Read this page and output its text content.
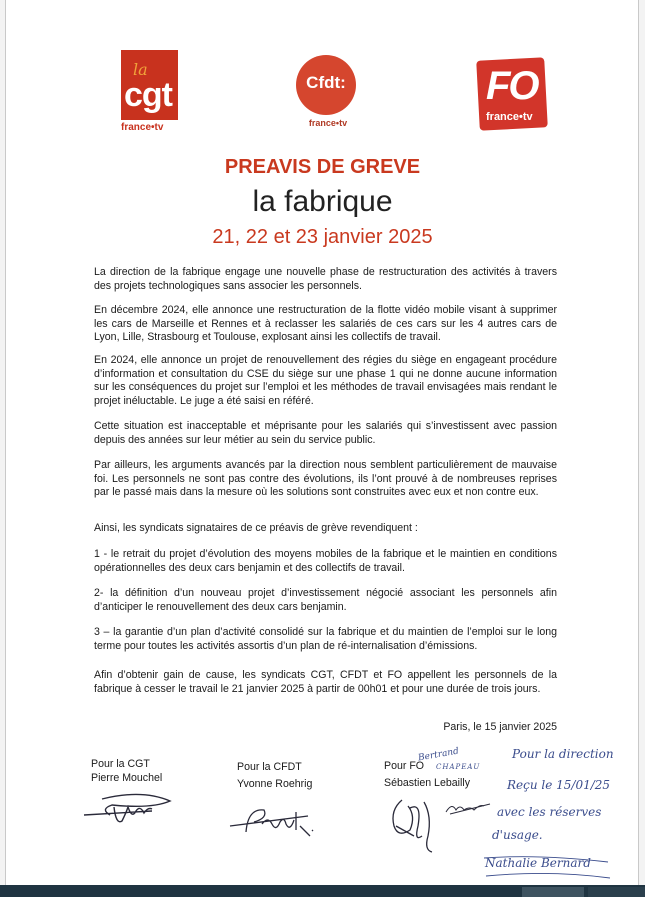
la
cgt
france•tv
Cfdt:
france•tv
FO
france•tv
PREAVIS DE GREVE
la fabrique
21, 22 et 23 janvier 2025

La direction de la fabrique engage une nouvelle phase de restructuration des activités à travers des projets technologiques sans associer les personnels.

En décembre 2024, elle annonce une restructuration de la flotte vidéo mobile visant à supprimer les cars de Marseille et Rennes et à reclasser les salariés de ces cars sur les 4 autres cars de Lyon, Lille, Strasbourg et Toulouse, explosant ainsi les collectifs de travail.

En 2024, elle annonce un projet de renouvellement des régies du siège en engageant procédure d’information et consultation du CSE du siège sur une phase 1 qui ne donne aucune information sur les conséquences du projet sur l’emploi et les méthodes de travail envisagées mais rendant le projet inéluctable. Le juge a été saisi en référé.

Cette situation est inacceptable et méprisante pour les salariés qui s’investissent avec passion depuis des années sur leur métier au sein du service public.

Par ailleurs, les arguments avancés par la direction nous semblent particulièrement de mauvaise foi. Les personnels ne sont pas contre des évolutions, ils l’ont prouvé à de nombreuses reprises par le passé mais dans la mesure où les solutions sont construites avec eux et non contre eux.

Ainsi, les syndicats signataires de ce préavis de grève revendiquent :

1 - le retrait du projet d’évolution des moyens mobiles de la fabrique et le maintien en conditions opérationnelles des deux cars benjamin et des collectifs de travail.

2- la définition d’un nouveau projet d’investissement négocié associant les personnels afin d’anticiper le renouvellement des deux cars benjamin.

3 – la garantie d’un plan d’activité consolidé sur la fabrique et du maintien de l’emploi sur le long terme pour toutes les activités assortis d’un plan de ré-internalisation d’émissions.

Afin d’obtenir gain de cause, les syndicats CGT, CFDT et FO appellent les personnels de la fabrique à cesser le travail le 21 janvier 2025 à partir de 00h01 et pour une durée de trois jours.

Paris, le 15 janvier 2025
Pour la CGT
Pierre Mouchel
Pour la CFDT
Yvonne Roehrig
Pour FO
Sébastien Lebailly
Bertrand
CHAPEAU
Pour la direction
Reçu le 15/01/25
avec les réserves
d'usage.
Nathalie Bernard
